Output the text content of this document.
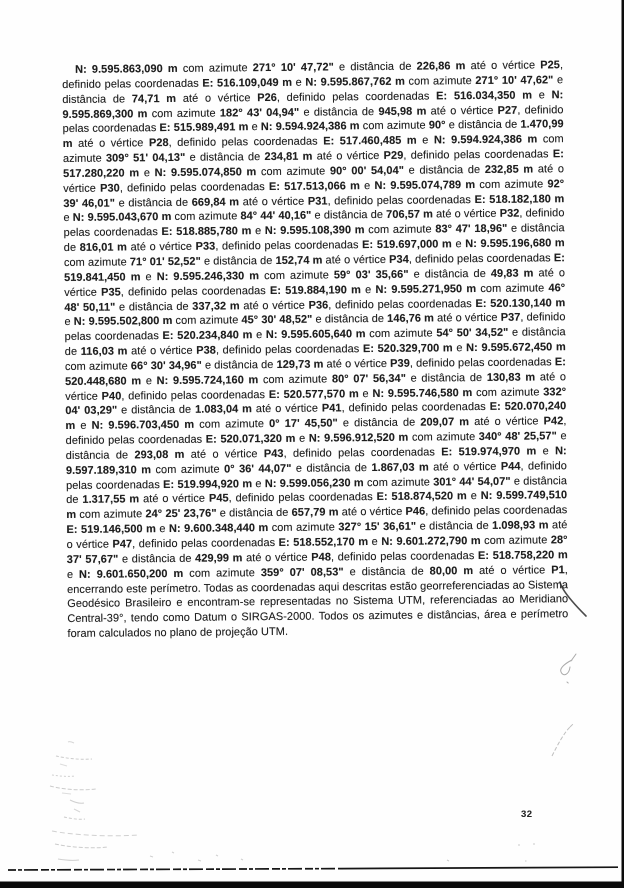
N: 9.595.863,090 m com azimute 271° 10' 47,72" e distância de 226,86 m até o vértice P25, definido pelas coordenadas E: 516.109,049 m e N: 9.595.867,762 m com azimute 271° 10' 47,62" e distância de 74,71 m até o vértice P26, definido pelas coordenadas E: 516.034,350 m e N: 9.595.869,300 m com azimute 182° 43' 04,94" e distância de 945,98 m até o vértice P27, definido pelas coordenadas E: 515.989,491 m e N: 9.594.924,386 m com azimute 90° e distância de 1.470,99 m até o vértice P28, definido pelas coordenadas E: 517.460,485 m e N: 9.594.924,386 m com azimute 309° 51' 04,13" e distância de 234,81 m até o vértice P29, definido pelas coordenadas E: 517.280,220 m e N: 9.595.074,850 m com azimute 90° 00' 54,04" e distância de 232,85 m até o vértice P30, definido pelas coordenadas E: 517.513,066 m e N: 9.595.074,789 m com azimute 92° 39' 46,01" e distância de 669,84 m até o vértice P31, definido pelas coordenadas E: 518.182,180 m e N: 9.595.043,670 m com azimute 84° 44' 40,16" e distância de 706,57 m até o vértice P32, definido pelas coordenadas E: 518.885,780 m e N: 9.595.108,390 m com azimute 83° 47' 18,96" e distância de 816,01 m até o vértice P33, definido pelas coordenadas E: 519.697,000 m e N: 9.595.196,680 m com azimute 71° 01' 52,52" e distância de 152,74 m até o vértice P34, definido pelas coordenadas E: 519.841,450 m e N: 9.595.246,330 m com azimute 59° 03' 35,66" e distância de 49,83 m até o vértice P35, definido pelas coordenadas E: 519.884,190 m e N: 9.595.271,950 m com azimute 46° 48' 50,11" e distância de 337,32 m até o vértice P36, definido pelas coordenadas E: 520.130,140 m e N: 9.595.502,800 m com azimute 45° 30' 48,52" e distância de 146,76 m até o vértice P37, definido pelas coordenadas E: 520.234,840 m e N: 9.595.605,640 m com azimute 54° 50' 34,52" e distância de 116,03 m até o vértice P38, definido pelas coordenadas E: 520.329,700 m e N: 9.595.672,450 m com azimute 66° 30' 34,96" e distância de 129,73 m até o vértice P39, definido pelas coordenadas E: 520.448,680 m e N: 9.595.724,160 m com azimute 80° 07' 56,34" e distância de 130,83 m até o vértice P40, definido pelas coordenadas E: 520.577,570 m e N: 9.595.746,580 m com azimute 332° 04' 03,29" e distância de 1.083,04 m até o vértice P41, definido pelas coordenadas E: 520.070,240 m e N: 9.596.703,450 m com azimute 0° 17' 45,50" e distância de 209,07 m até o vértice P42, definido pelas coordenadas E: 520.071,320 m e N: 9.596.912,520 m com azimute 340° 48' 25,57" e distância de 293,08 m até o vértice P43, definido pelas coordenadas E: 519.974,970 m e N: 9.597.189,310 m com azimute 0° 36' 44,07" e distância de 1.867,03 m até o vértice P44, definido pelas coordenadas E: 519.994,920 m e N: 9.599.056,230 m com azimute 301° 44' 54,07" e distância de 1.317,55 m até o vértice P45, definido pelas coordenadas E: 518.874,520 m e N: 9.599.749,510 m com azimute 24° 25' 23,76" e distância de 657,79 m até o vértice P46, definido pelas coordenadas E: 519.146,500 m e N: 9.600.348,440 m com azimute 327° 15' 36,61" e distância de 1.098,93 m até o vértice P47, definido pelas coordenadas E: 518.552,170 m e N: 9.601.272,790 m com azimute 28° 37' 57,67" e distância de 429,99 m até o vértice P48, definido pelas coordenadas E: 518.758,220 m e N: 9.601.650,200 m com azimute 359° 07' 08,53" e distância de 80,00 m até o vértice P1, encerrando este perímetro. Todas as coordenadas aqui descritas estão georreferenciadas ao Sistema Geodésico Brasileiro e encontram-se representadas no Sistema UTM, referenciadas ao Meridiano Central-39°, tendo como Datum o SIRGAS-2000. Todos os azimutes e distâncias, área e perímetro foram calculados no plano de projeção UTM.
32
